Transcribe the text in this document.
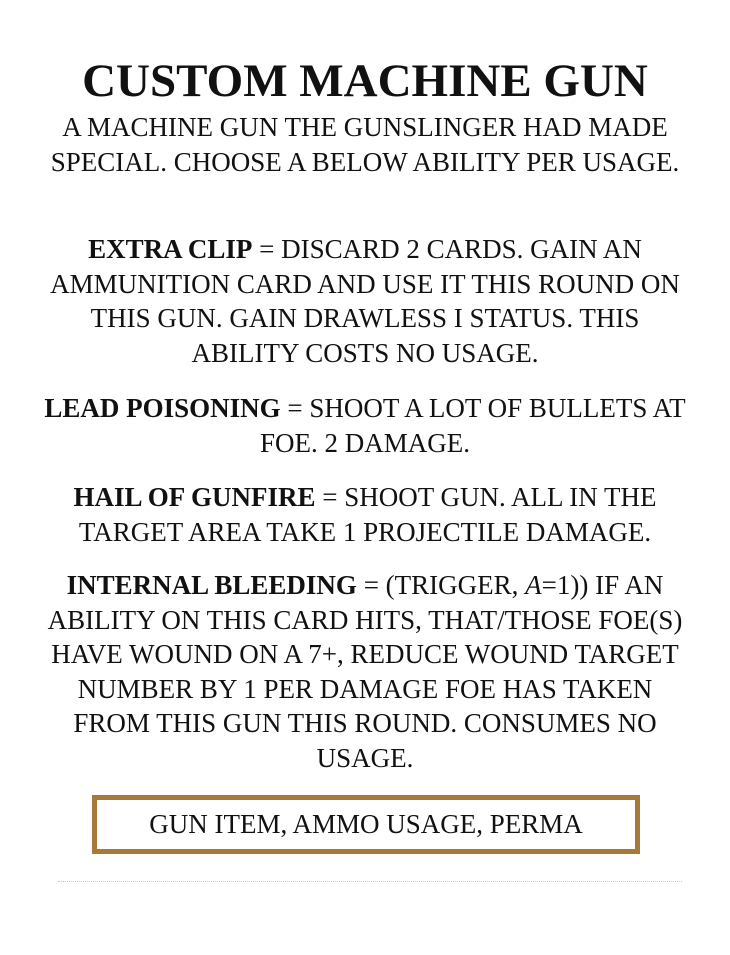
CUSTOM MACHINE GUN
A MACHINE GUN THE GUNSLINGER HAD MADE SPECIAL. CHOOSE A BELOW ABILITY PER USAGE.
EXTRA CLIP = DISCARD 2 CARDS. GAIN AN AMMUNITION CARD AND USE IT THIS ROUND ON THIS GUN. GAIN DRAWLESS I STATUS. THIS ABILITY COSTS NO USAGE.
LEAD POISONING = SHOOT A LOT OF BULLETS AT FOE. 2 DAMAGE.
HAIL OF GUNFIRE = SHOOT GUN. ALL IN THE TARGET AREA TAKE 1 PROJECTILE DAMAGE.
INTERNAL BLEEDING = (TRIGGER, A=1)) IF AN ABILITY ON THIS CARD HITS, THAT/THOSE FOE(S) HAVE WOUND ON A 7+, REDUCE WOUND TARGET NUMBER BY 1 PER DAMAGE FOE HAS TAKEN FROM THIS GUN THIS ROUND. CONSUMES NO USAGE.
GUN ITEM, AMMO USAGE, PERMA
